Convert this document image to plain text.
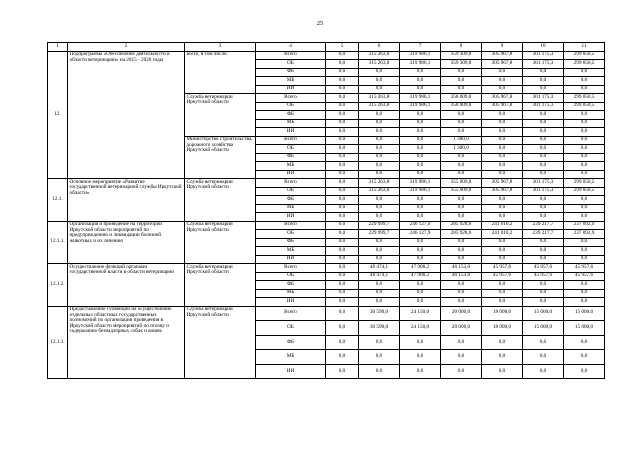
25
1	2	3	4	5	6	7	8	9	10	11
12.	Подпрограмма «Обеспечение деятельности в области ветеринарии» на 2015 - 2020 годы	всего, в том числе:	Всего	0,0	315 263,8	319 986,1	359 309,8	305 967,8	301 175,3	299 050,5
			ОБ	0,0	315 263,8	319 986,1	359 309,8	305 967,8	301 175,3	299 050,5
			ФБ	0,0	0,0	0,0	0,0	0,0	0,0	0,0
			МБ	0,0	0,0	0,0	0,0	0,0	0,0	0,0
			ИИ	0,0	0,0	0,0	0,0	0,0	0,0	0,0
		Служба ветеринарии Иркутской области	Всего	0,0	315 263,8	319 986,1	358 009,8	305 967,8	301 175,3	299 050,5
			ОБ	0,0	315 263,8	319 986,1	358 009,8	305 967,8	301 175,3	299 050,5
			ФБ	0,0	0,0	0,0	0,0	0,0	0,0	0,0
			МБ	0,0	0,0	0,0	0,0	0,0	0,0	0,0
			ИИ	0,0	0,0	0,0	0,0	0,0	0,0	0,0
		Министерство строительства, дорожного хозяйства Иркутской области	Всего	0,0	0,0	0,0	1 300,0	0,0	0,0	0,0
			ОБ	0,0	0,0	0,0	1 300,0	0,0	0,0	0,0
			ФБ	0,0	0,0	0,0	0,0	0,0	0,0	0,0
			МБ	0,0	0,0	0,0	0,0	0,0	0,0	0,0
			ИИ	0,0	0,0	0,0	0,0	0,0	0,0	0,0
12.1.	Основное мероприятие «Развитие государственной ветеринарной службы Иркутской области»	Служба ветеринарии Иркутской области	Всего	0,0	315 263,8	319 986,1	355 009,8	305 967,8	301 175,3	299 050,5
			ОБ	0,0	315 263,8	319 986,1	355 009,8	305 967,8	301 175,3	299 050,5
			ФБ	0,0	0,0	0,0	0,0	0,0	0,0	0,0
			МБ	0,0	0,0	0,0	0,0	0,0	0,0	0,0
			ИИ	0,0	0,0	0,0	0,0	0,0	0,0	0,0
12.1.1.	Организация и проведение на территории Иркутской области мероприятий по предупреждению и ликвидации болезней животных и их лечению	Служба ветеринарии Иркутской области	Всего	0,0	229 999,7	246 127,9	285 928,6	241 010,2	239 217,7	237 092,9
			ОБ	0,0	229 999,7	246 127,9	285 928,6	241 010,2	239 217,7	237 092,9
			ФБ	0,0	0,0	0,0	0,0	0,0	0,0	0,0
			МБ	0,0	0,0	0,0	0,0	0,0	0,0	0,0
			ИИ	0,0	0,0	0,0	0,0	0,0	0,0	0,0
12.1.2.	Осуществление функций органами государственной власти в области ветеринарии	Служба ветеринарии Иркутской области	Всего	0,0	48 474,1	47 908,2	46 153,6	45 957,6	45 957,6	45 957,6
			ОБ	0,0	48 474,1	47 908,2	46 153,6	45 957,6	45 957,6	45 957,6
			ФБ	0,0	0,0	0,0	0,0	0,0	0,0	0,0
			МБ	0,0	0,0	0,0	0,0	0,0	0,0	0,0
			ИИ	0,0	0,0	0,0	0,0	0,0	0,0	0,0
12.1.3.	Предоставление субвенции на осуществление отдельных областных государственных полномочий по организации проведения в Иркутской области мероприятий по отлову и содержанию безнадзорных собак и кошек	Служба ветеринарии Иркутской области	Всего	0,0	30 590,0	24 150,0	20 000,0	18 000,0	15 000,0	15 000,0
			ОБ	0,0	30 590,0	24 150,0	20 000,0	18 000,0	15 000,0	15 000,0
			ФБ	0,0	0,0	0,0	0,0	0,0	0,0	0,0
			МБ	0,0	0,0	0,0	0,0	0,0	0,0	0,0
			ИИ	0,0	0,0	0,0	0,0	0,0	0,0	0,0
